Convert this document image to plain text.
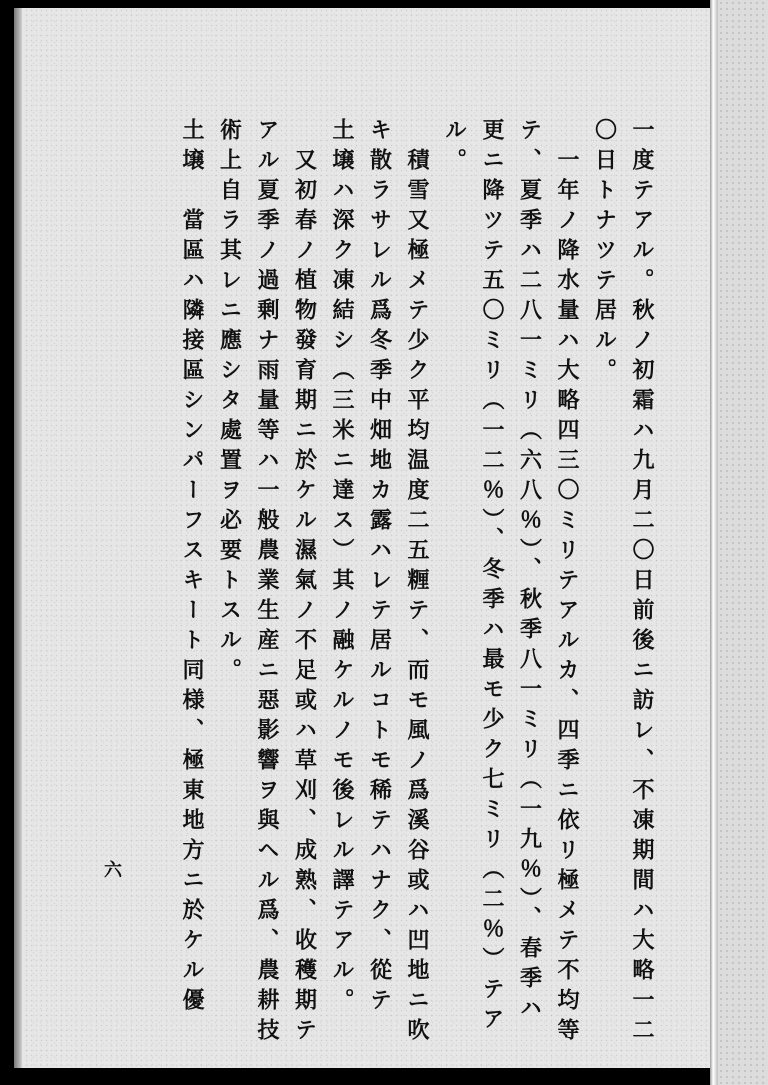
一度テアル。秋ノ初霜ハ九月二〇日前後ニ訪レ、不凍期間ハ大略一二

〇日トナツテ居ル。

　一年ノ降水量ハ大略四三〇ミリテアルカ、四季ニ依リ極メテ不均等

テ、夏季ハ二八一ミリ（六八％）、秋季八一ミリ（一九％）、春季ハ

更ニ降ツテ五〇ミリ（一二％）、冬季ハ最モ少ク七ミリ（二％）テア

ル。

　積雪又極メテ少ク平均温度二五糎テ、而モ風ノ爲溪谷或ハ凹地ニ吹

キ散ラサレル爲冬季中畑地カ露ハレテ居ルコトモ稀テハナク、從テ

土壌ハ深ク凍結シ（三米ニ達ス）其ノ融ケルノモ後レル譯テアル。

　又初春ノ植物發育期ニ於ケル濕氣ノ不足或ハ草刈、成熟、收穫期テ

アル夏季ノ過剰ナ雨量等ハ一般農業生産ニ惡影響ヲ與ヘル爲、農耕技

術上自ラ其レニ應シタ處置ヲ必要トスル。

土壌　當區ハ隣接區シンパーフスキート同様、極東地方ニ於ケル優

六
